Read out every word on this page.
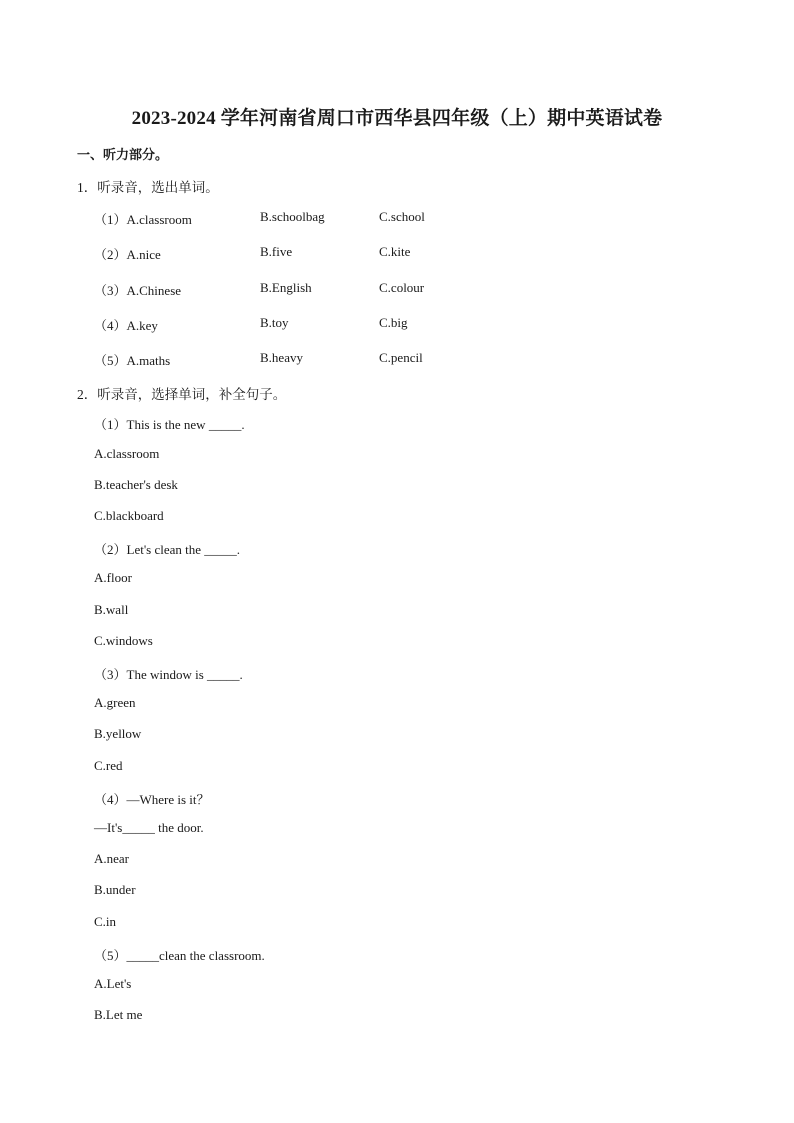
2023-2024 学年河南省周口市西华县四年级（上）期中英语试卷
一、听力部分。
1．听录音，选出单词。
（1）A.classroom	B.schoolbag	C.school
（2）A.nice	B.five	C.kite
（3）A.Chinese	B.English	C.colour
（4）A.key	B.toy	C.big
（5）A.maths	B.heavy	C.pencil
2．听录音，选择单词，补全句子。
（1）This is the new _____.
A.classroom
B.teacher's desk
C.blackboard
（2）Let's clean the _____.
A.floor
B.wall
C.windows
（3）The window is _____.
A.green
B.yellow
C.red
（4）—Where is it？
—It's_____ the door.
A.near
B.under
C.in
（5）_____clean the classroom.
A.Let's
B.Let me
